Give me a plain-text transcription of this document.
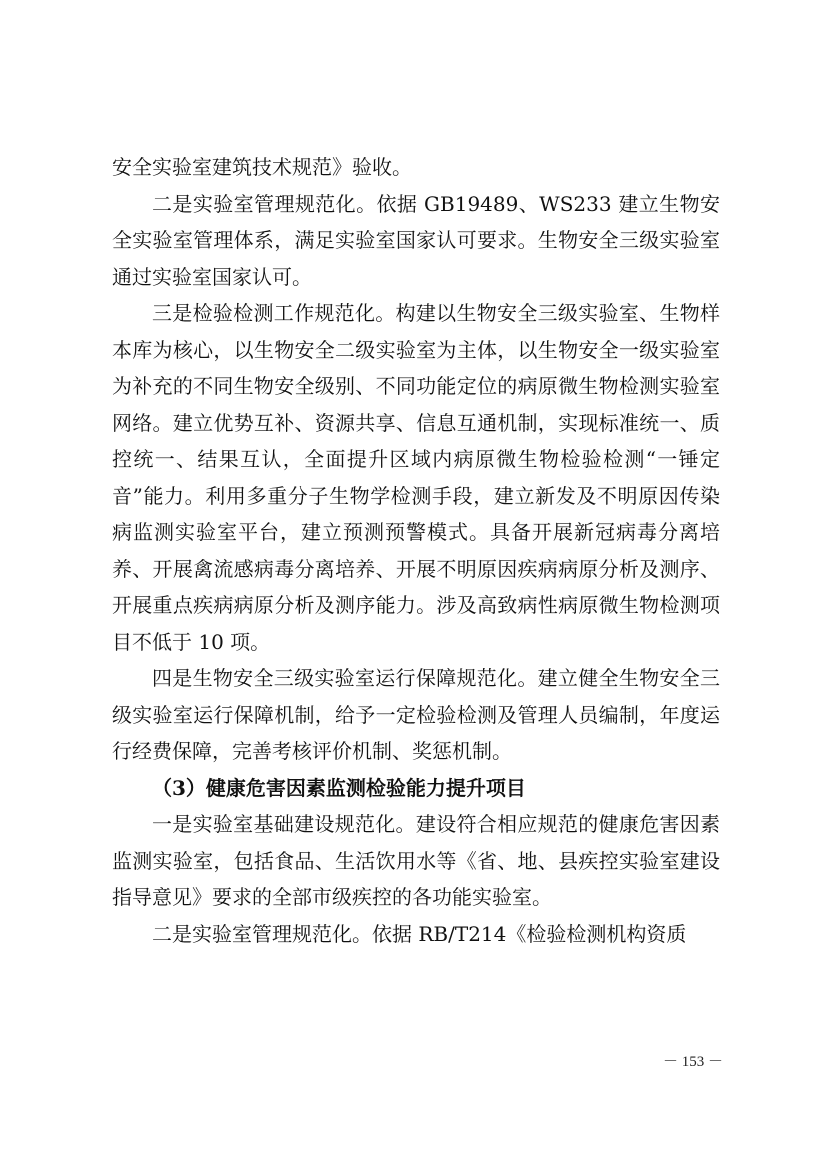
安全实验室建筑技术规范》验收。

二是实验室管理规范化。依据 GB19489、WS233 建立生物安全实验室管理体系，满足实验室国家认可要求。生物安全三级实验室通过实验室国家认可。

三是检验检测工作规范化。构建以生物安全三级实验室、生物样本库为核心，以生物安全二级实验室为主体，以生物安全一级实验室为补充的不同生物安全级别、不同功能定位的病原微生物检测实验室网络。建立优势互补、资源共享、信息互通机制，实现标准统一、质控统一、结果互认，全面提升区域内病原微生物检验检测“一锤定音”能力。利用多重分子生物学检测手段，建立新发及不明原因传染病监测实验室平台，建立预测预警模式。具备开展新冠病毒分离培养、开展禽流感病毒分离培养、开展不明原因疾病病原分析及测序、开展重点疾病病原分析及测序能力。涉及高致病性病原微生物检测项目不低于 10 项。

四是生物安全三级实验室运行保障规范化。建立健全生物安全三级实验室运行保障机制，给予一定检验检测及管理人员编制，年度运行经费保障，完善考核评价机制、奖惩机制。

（3）健康危害因素监测检验能力提升项目

一是实验室基础建设规范化。建设符合相应规范的健康危害因素监测实验室，包括食品、生活饮用水等《省、地、县疾控实验室建设指导意见》要求的全部市级疾控的各功能实验室。

二是实验室管理规范化。依据 RB/T214《检验检测机构资质

－ 153 －
